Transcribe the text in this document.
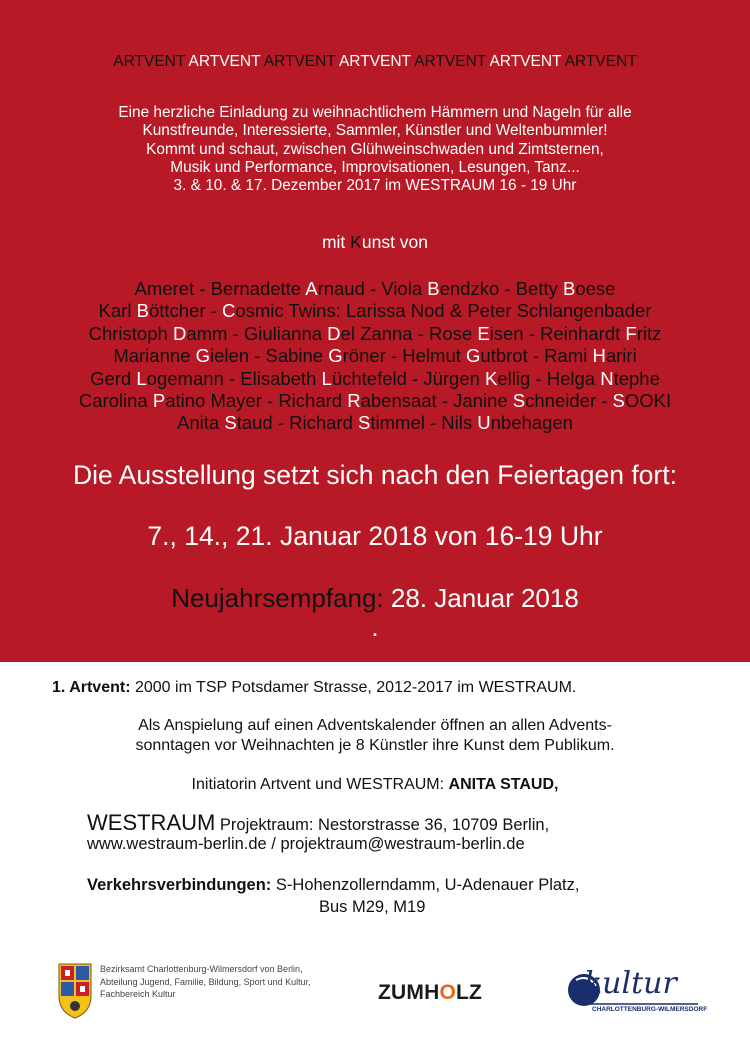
ARTVENT ARTVENT ARTVENT ARTVENT ARTVENT ARTVENT ARTVENT
Eine herzliche Einladung zu weihnachtlichem Hämmern und Nageln für alle
Kunstfreunde, Interessierte, Sammler, Künstler und Weltenbummler!
Kommt und schaut, zwischen Glühweinschwaden und Zimtsternen,
Musik und Performance, Improvisationen, Lesungen, Tanz...
3. & 10. & 17. Dezember 2017 im WESTRAUM 16 - 19 Uhr
mit Kunst von
Ameret - Bernadette Arnaud - Viola Bendzko - Betty Boese
Karl Böttcher - Cosmic Twins: Larissa Nod & Peter Schlangenbader
Christoph Damm - Giulianna Del Zanna - Rose Eisen - Reinhardt Fritz
Marianne Gielen - Sabine Gröner - Helmut Gutbrot - Rami Hariri
Gerd Logemann - Elisabeth Lüchtefeld - Jürgen Kellig - Helga Ntephe
Carolina Patino Mayer - Richard Rabensaat - Janine Schneider - SOOKI
Anita Staud - Richard Stimmel - Nils Unbehagen
Die Ausstellung setzt sich nach den Feiertagen fort:
7., 14., 21. Januar 2018 von 16-19 Uhr
Neujahrsempfang: 28. Januar 2018
.
1. Artvent: 2000 im TSP Potsdamer Strasse, 2012-2017 im WESTRAUM.
Als Anspielung auf einen Adventskalender öffnen an allen Advents-
sonntagen vor Weihnachten je 8 Künstler ihre Kunst dem Publikum.
Initiatorin Artvent und WESTRAUM: ANITA STAUD,
WESTRAUM Projektraum: Nestorstrasse 36, 10709 Berlin,
www.westraum-berlin.de / projektraum@westraum-berlin.de
Verkehrsverbindungen: S-Hohenzollerndamm, U-Adenauer Platz,
Bus M29, M19
Bezirksamt Charlottenburg-Wilmersdorf von Berlin,
Abteilung Jugend, Familie, Bildung, Sport und Kultur,
Fachbereich Kultur	ZUMHOLZ	kultur
CHARLOTTENBURG-WILMERSDORF
